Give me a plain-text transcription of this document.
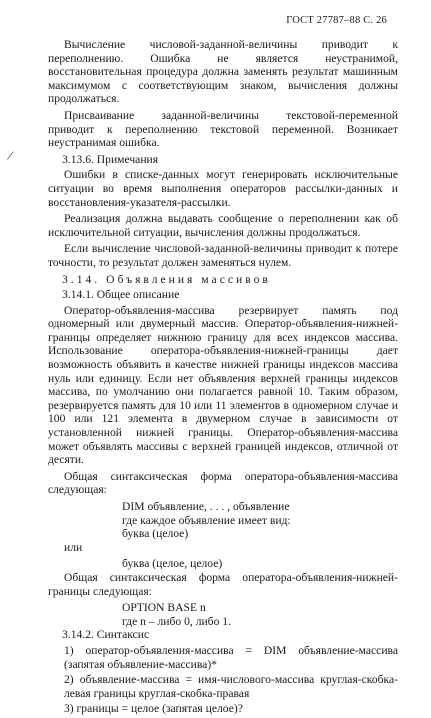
ГОСТ 27787–88 С. 26
/

Вычисление числовой-заданной-величины приводит к переполнению. Ошибка не является неустранимой, восстановительная процедура должна заменять результат машинным максимумом с соответствующим знаком, вычисления должны продолжаться.

Присваивание заданной-величины текстовой-переменной приводит к переполнению текстовой переменной. Возникает неустранимая ошибка.

3.13.6. Примечания

Ошибки в списке-данных могут генерировать исключительные ситуации во время выполнения операторов рассылки-данных и восстановления-указателя-рассылки.

Реализация должна выдавать сообщение о переполнении как об исключительной ситуации, вычисления должны продолжаться.

Если вычисление числовой-заданной-величины приводит к потере точности, то результат должен заменяться нулем.

3.14. Объявления массивов

3.14.1. Общее описание

Оператор-объявления-массива резервирует память под одномерный или двумерный массив. Оператор-объявления-нижней-границы определяет нижнюю границу для всех индексов массива. Использование оператора-объявления-нижней-границы дает возможность объявить в качестве нижней границы индексов массива нуль или единицу. Если нет объявления верхней границы индексов массива, по умолчанию они полагается равной 10. Таким образом, резервируется память для 10 или 11 элементов в одномерном случае и 100 или 121 элемента в двумерном случае в зависимости от установленной нижней границы. Оператор-объявления-массива может объявлять массивы с верхней границей индексов, отличной от десяти.

Общая синтаксическая форма оператора-объявления-массива следующая:

DIM объявление, . . . , объявление

где каждое объявление имеет вид:

буква (целое)

или

буква (целое, целое)

Общая синтаксическая форма оператора-объявления-нижней-границы следующая:

OPTION BASE n

где n – либо 0, либо 1.

3.14.2. Синтаксис

1) оператор-объявления-массива = DIM объявление-массива (запятая объявление-массива)*

2) объявление-массива = имя-числового-массива круглая-скобка-левая границы круглая-скобка-правая

3) границы = целое (запятая целое)?
